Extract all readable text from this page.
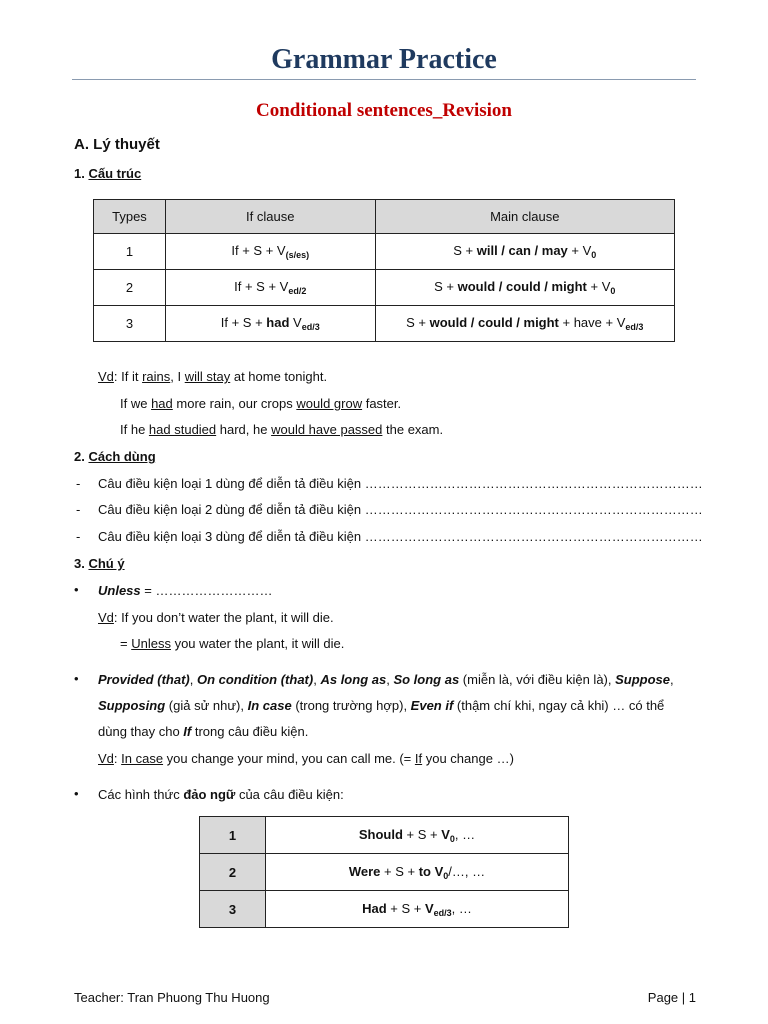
Grammar Practice
Conditional sentences_Revision
A. Lý thuyết
1. Cấu trúc
Types	If clause	Main clause
1	$If + S + V_{(s/es)}$	S + will / can / may + $V_0$
2	$If + S + V_{ed/2}$	S + would / could / might + $V_0$
3	If + S + had $V_{ed/3}$	S + would / could / might + have + $V_{ed/3}$
Vd: If it rains, I will stay at home tonight.
If we had more rain, our crops would grow faster.
If he had studied hard, he would have passed the exam.
2. Cách dùng
- Câu điều kiện loại 1 dùng để diễn tả điều kiện ……………………………………………………………………
- Câu điều kiện loại 2 dùng để diễn tả điều kiện ……………………………………………………………………
- Câu điều kiện loại 3 dùng để diễn tả điều kiện ……………………………………………………………………
3. Chú ý
• Unless = ………………………
Vd: If you don’t water the plant, it will die.
= Unless you water the plant, it will die.
• Provided (that), On condition (that), As long as, So long as (miễn là, với điều kiện là), Suppose,
Supposing (giả sử như), In case (trong trường hợp), Even if (thậm chí khi, ngay cả khi) … có thể
dùng thay cho If trong câu điều kiện.
Vd: In case you change your mind, you can call me. (= If you change …)
• Các hình thức đảo ngữ của câu điều kiện:
1	Should + $S + V_0$, …
2	Were + S + to $V_0/\dots$, …
3	Had + $S + V_{ed/3}$, …
Teacher: Tran Phuong Thu Huong	Page | 1
